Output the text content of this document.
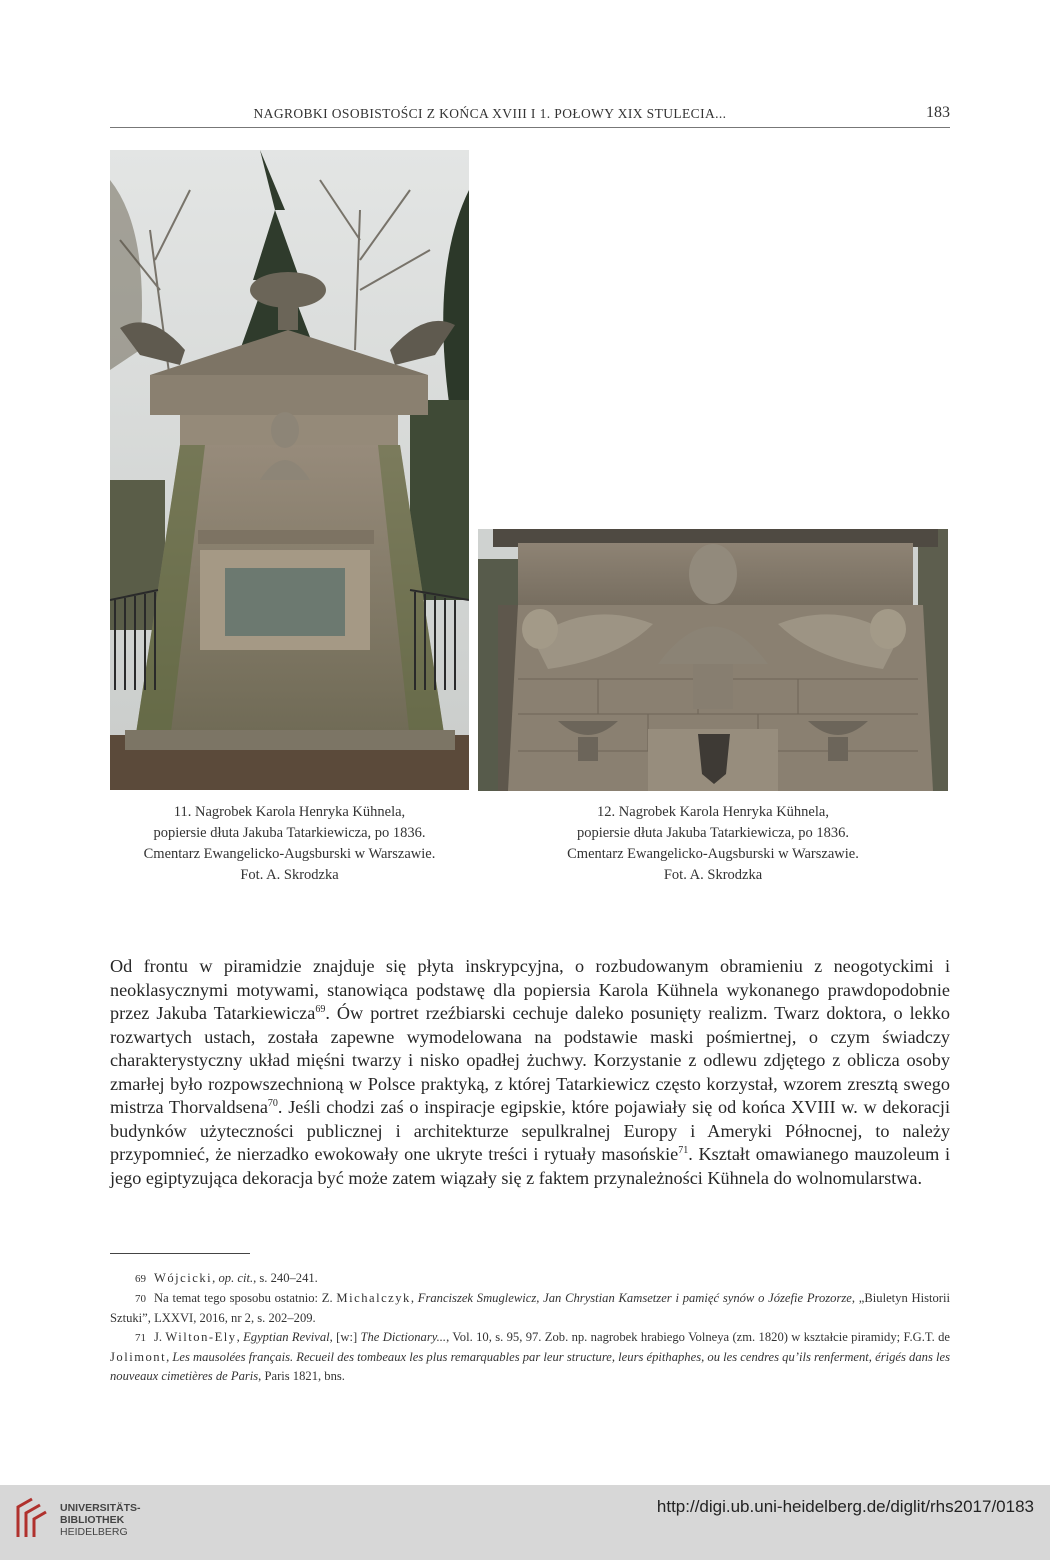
NAGROBKI OSOBISTOŚCI Z KOŃCA XVIII I 1. POŁOWY XIX STULECIA...	183
11. Nagrobek Karola Henryka Kühnela,
popiersie dłuta Jakuba Tatarkiewicza, po 1836.
Cmentarz Ewangelicko-Augsburski w Warszawie.
Fot. A. Skrodzka
12. Nagrobek Karola Henryka Kühnela,
popiersie dłuta Jakuba Tatarkiewicza, po 1836.
Cmentarz Ewangelicko-Augsburski w Warszawie.
Fot. A. Skrodzka

Od frontu w piramidzie znajduje się płyta inskrypcyjna, o rozbudowanym obramieniu z neogotyckimi i neoklasycznymi motywami, stanowiąca podstawę dla popiersia Karola Kühnela wykonanego prawdopodobnie przez Jakuba Tatarkiewicza$^{69}$. Ów portret rzeźbiarski cechuje daleko posunięty realizm. Twarz doktora, o lekko rozwartych ustach, została zapewne wymodelowana na podstawie maski pośmiertnej, o czym świadczy charakterystyczny układ mięśni twarzy i nisko opadłej żuchwy. Korzystanie z odlewu zdjętego z oblicza osoby zmarłej było rozpowszechnioną w Polsce praktyką, z której Tatarkiewicz często korzystał, wzorem zresztą swego mistrza Thorvaldsena$^{70}$. Jeśli chodzi zaś o inspiracje egipskie, które pojawiały się od końca XVIII w. w dekoracji budynków użyteczności publicznej i architekturze sepulkralnej Europy i Ameryki Północnej, to należy przypomnieć, że nierzadko ewokowały one ukryte treści i rytuały masońskie$^{71}$. Kształt omawianego mauzoleum i jego egiptyzująca dekoracja być może zatem wiązały się z faktem przynależności Kühnela do wolnomularstwa.

69 Wójcicki, op. cit., s. 240–241.

70 Na temat tego sposobu ostatnio: Z. Michalczyk, Franciszek Smuglewicz, Jan Chrystian Kamsetzer i pamięć synów o Józefie Prozorze, „Biuletyn Historii Sztuki”, LXXVI, 2016, nr 2, s. 202–209.

71 J. Wilton-Ely, Egyptian Revival, [w:] The Dictionary..., Vol. 10, s. 95, 97. Zob. np. nagrobek hrabiego Volneya (zm. 1820) w kształcie piramidy; F.G.T. de Jolimont, Les mausolées français. Recueil des tombeaux les plus remarquables par leur structure, leurs épithaphes, ou les cendres qu’ils renferment, érigés dans les nouveaux cimetières de Paris, Paris 1821, bns.

UNIVERSITÄTS-
BIBLIOTHEK
HEIDELBERG
http://digi.ub.uni-heidelberg.de/diglit/rhs2017/0183
